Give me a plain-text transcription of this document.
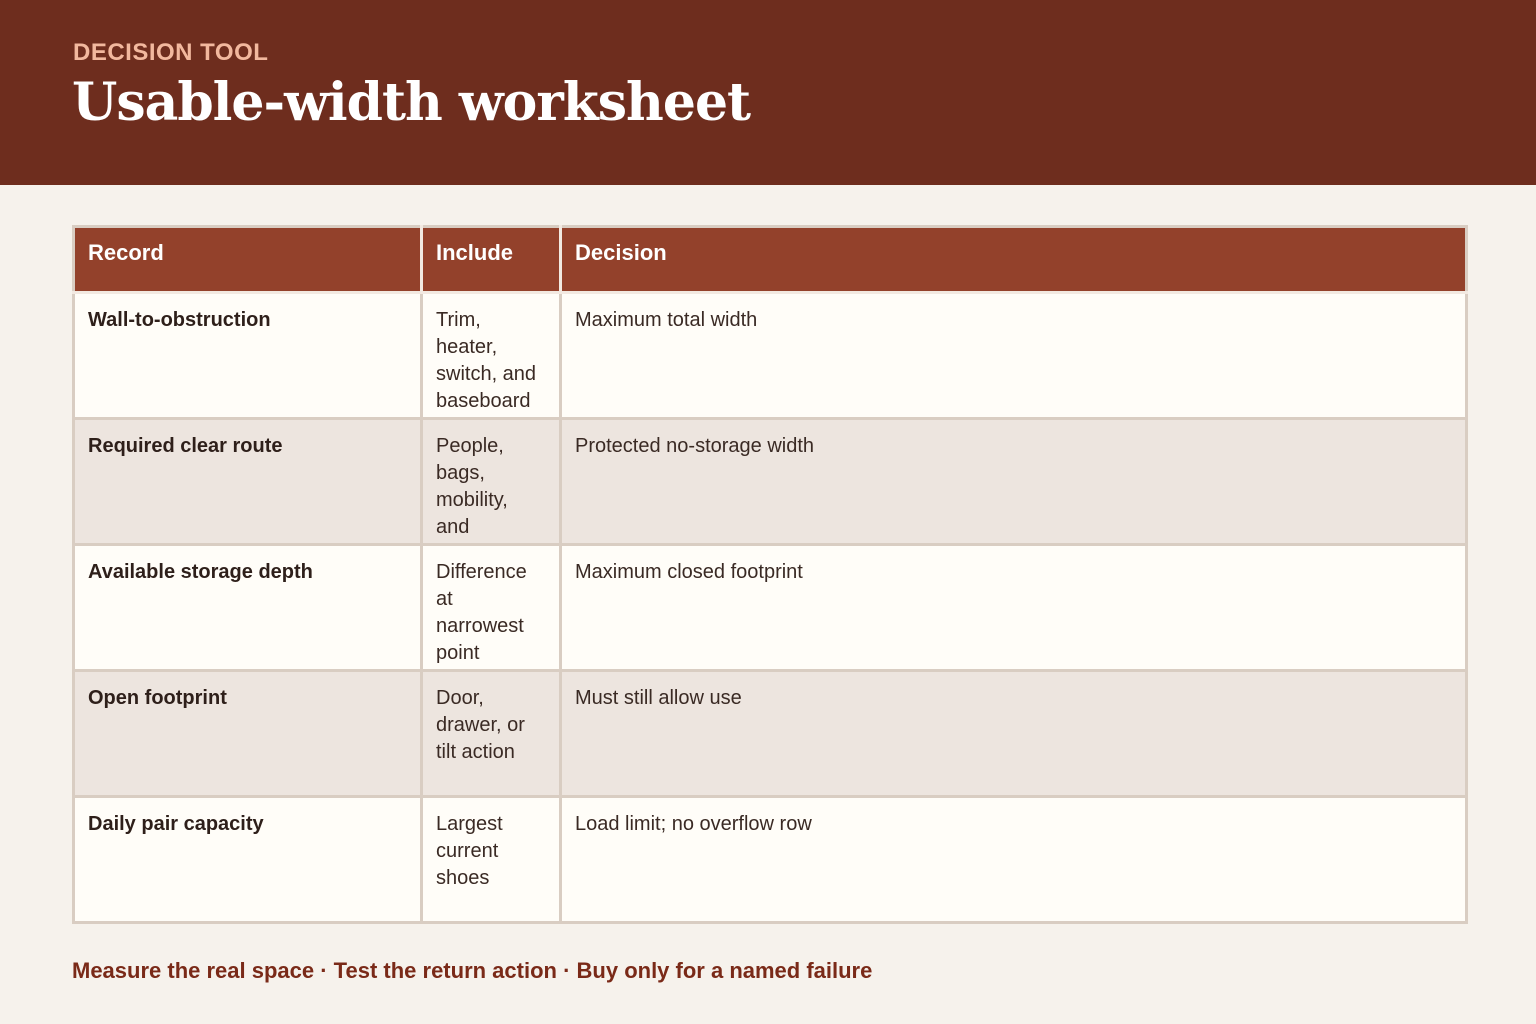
DECISION TOOL
Usable-width worksheet
Record	Include	Decision
Wall-to-obstruction	Trim, heater, switch, and baseboard	Maximum total width
Required clear route	People, bags, mobility, and	Protected no-storage width
Available storage depth	Difference at narrowest point	Maximum closed footprint
Open footprint	Door, drawer, or tilt action	Must still allow use
Daily pair capacity	Largest current shoes	Load limit; no overflow row
Measure the real space · Test the return action · Buy only for a named failure
